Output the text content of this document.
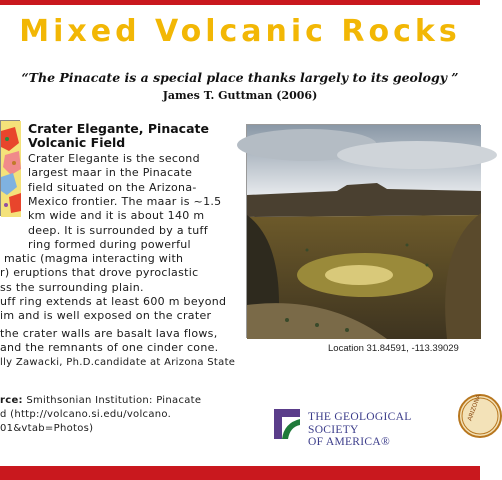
Mixed Volcanic Rocks

“The Pinacate is a special place thanks largely to its geology ”

James T. Guttman (2006)

Crater Elegante, Pinacate
Volcanic Field
Crater Elegante is the second
largest maar in the Pinacate
field situated on the Arizona-
Mexico frontier. The maar is ~1.5
km wide and it is about 140 m
deep. It is surrounded by a tuff
ring formed during powerful
matic (magma interacting with
r) eruptions that drove pyroclastic
ss the surrounding plain.
uff ring extends at least 600 m beyond
im and is well exposed on the crater
the crater walls are basalt lava flows,
and the remnants of one cinder cone.
lly Zawacki, Ph.D.candidate at Arizona State
Location 31.84591, -113.39029
rce: Smithsonian Institution: Pinacate
d (http://volcano.si.edu/volcano.
01&vtab=Photos)
THE GEOLOGICAL SOCIETY
OF AMERICA®
ARIZONA
